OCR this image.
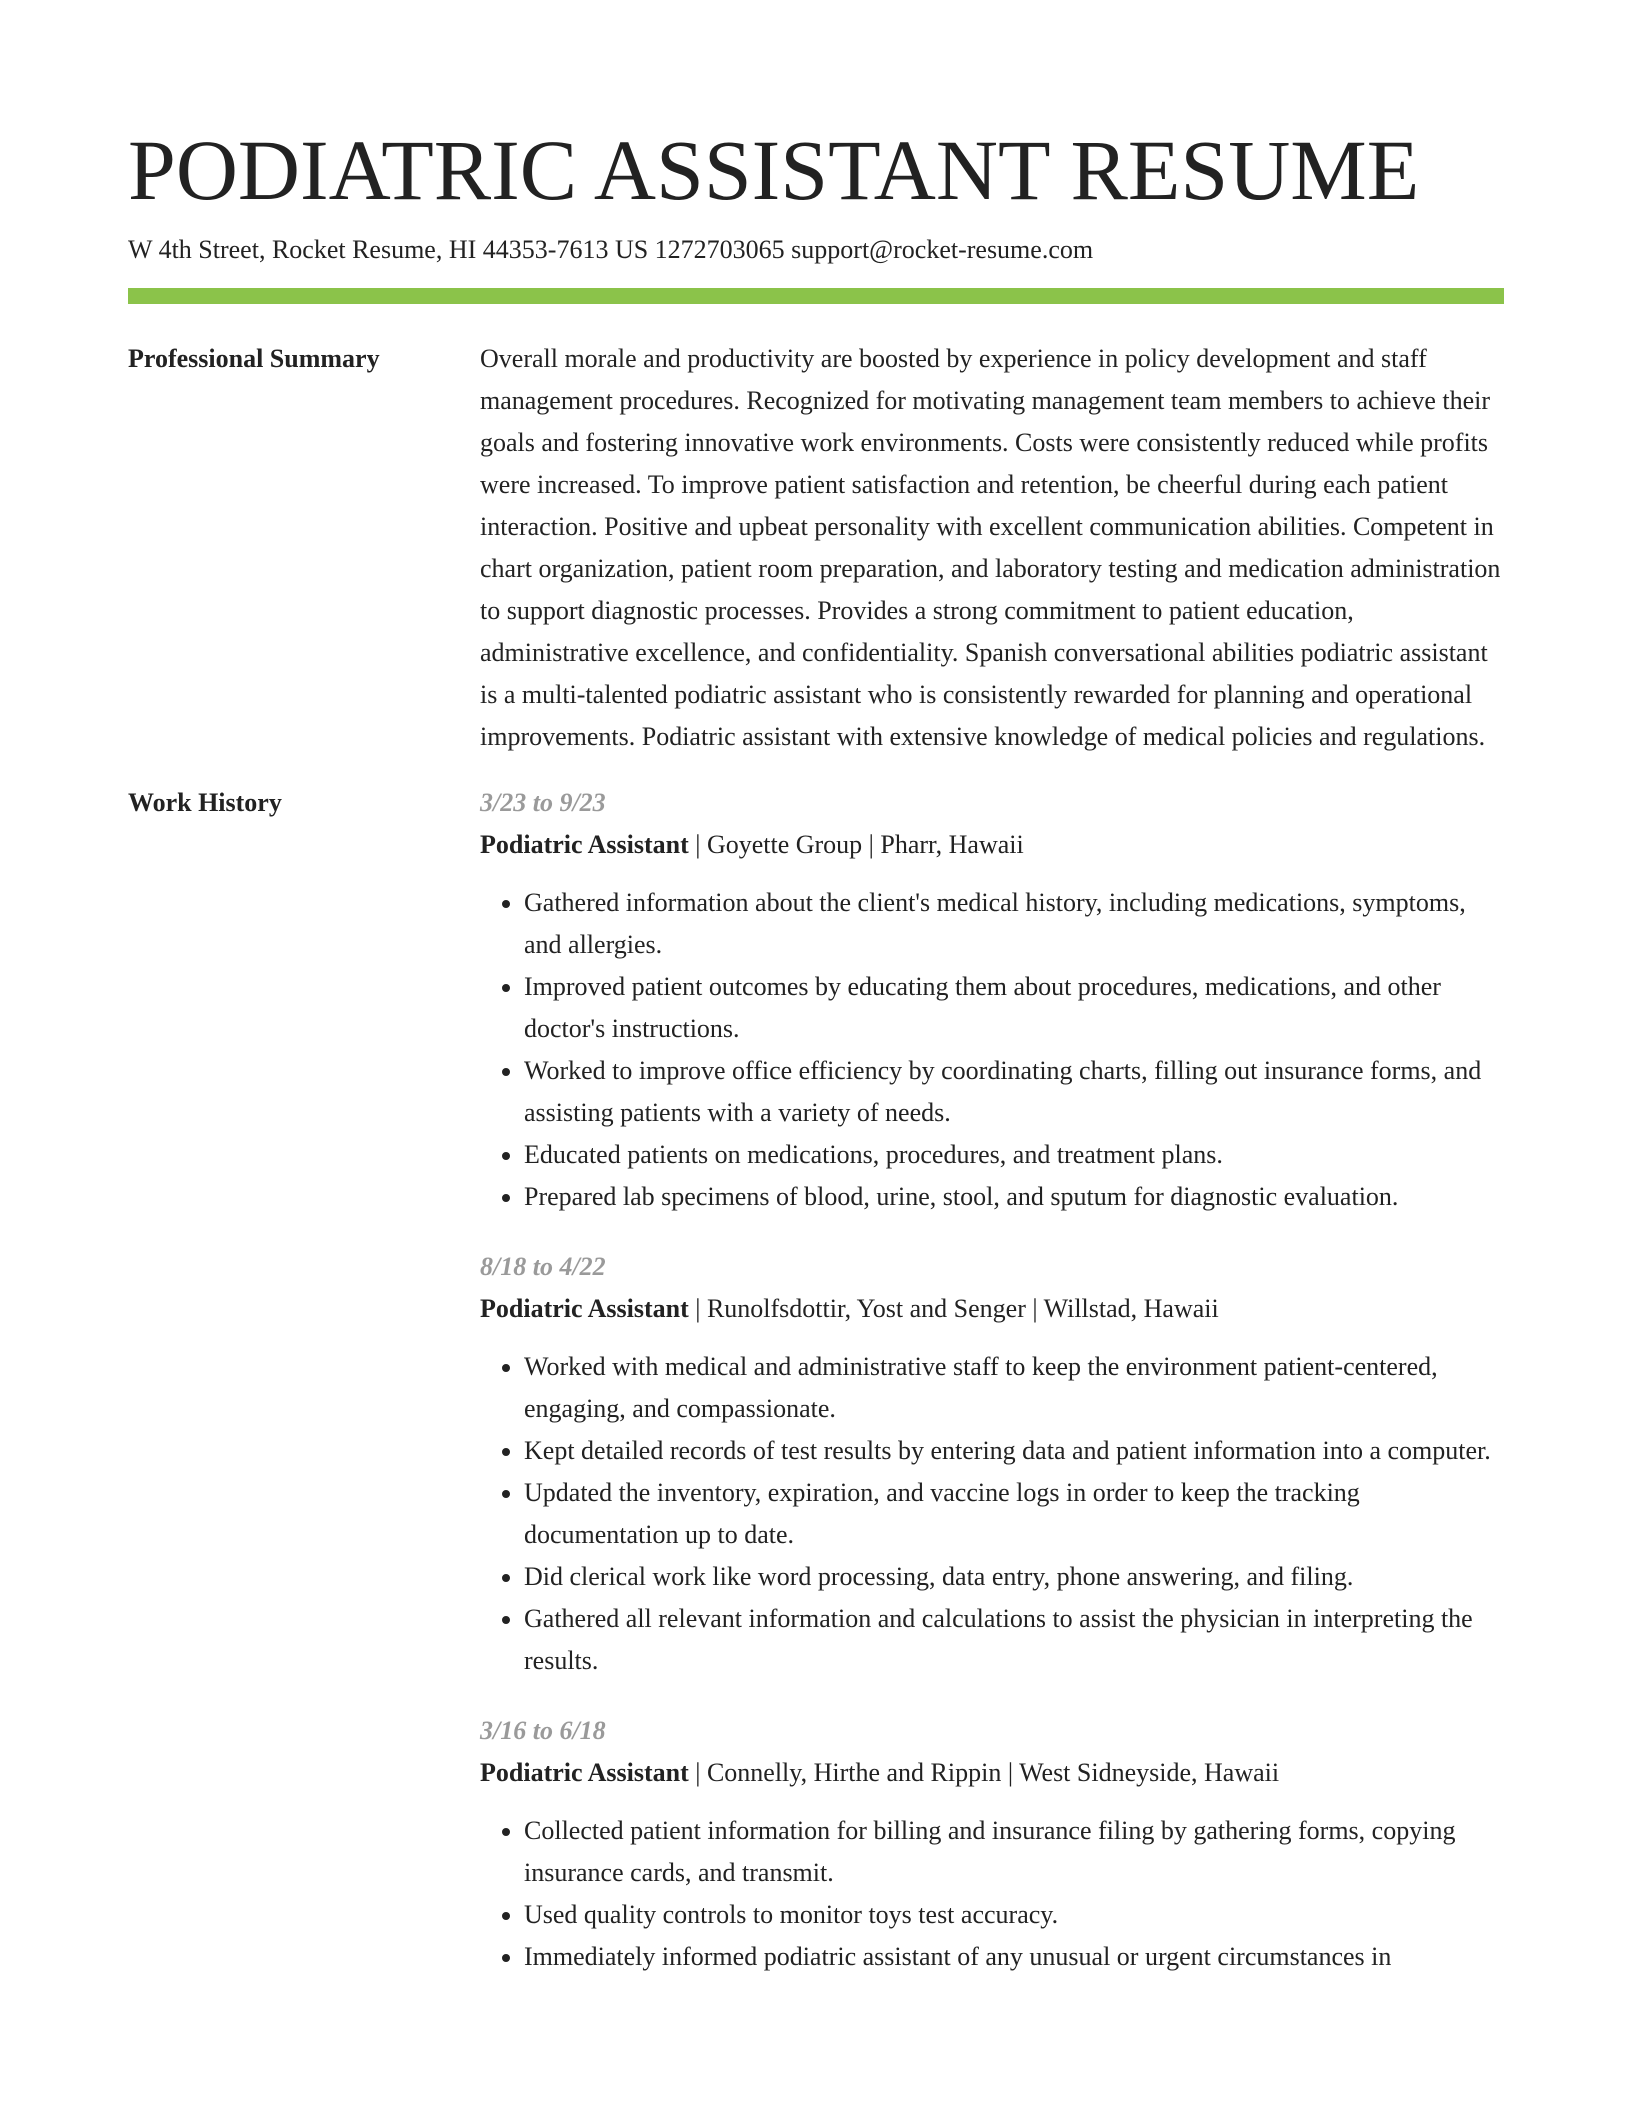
PODIATRIC ASSISTANT RESUME
W 4th Street, Rocket Resume, HI 44353-7613 US 1272703065 support@rocket-resume.com
Professional Summary	Overall morale and productivity are boosted by experience in policy development and staff management procedures. Recognized for motivating management team members to achieve their goals and fostering innovative work environments. Costs were consistently reduced while profits were increased. To improve patient satisfaction and retention, be cheerful during each patient interaction. Positive and upbeat personality with excellent communication abilities. Competent in chart organization, patient room preparation, and laboratory testing and medication administration to support diagnostic processes. Provides a strong commitment to patient education, administrative excellence, and confidentiality. Spanish conversational abilities podiatric assistant is a multi-talented podiatric assistant who is consistently rewarded for planning and operational improvements. Podiatric assistant with extensive knowledge of medical policies and regulations.
Work History	3/23 to 9/23
Podiatric Assistant | Goyette Group | Pharr, Hawaii
• Gathered information about the client's medical history, including medications, symptoms, and allergies.
• Improved patient outcomes by educating them about procedures, medications, and other doctor's instructions.
• Worked to improve office efficiency by coordinating charts, filling out insurance forms, and assisting patients with a variety of needs.
• Educated patients on medications, procedures, and treatment plans.
• Prepared lab specimens of blood, urine, stool, and sputum for diagnostic evaluation.
8/18 to 4/22
Podiatric Assistant | Runolfsdottir, Yost and Senger | Willstad, Hawaii
• Worked with medical and administrative staff to keep the environment patient-centered, engaging, and compassionate.
• Kept detailed records of test results by entering data and patient information into a computer.
• Updated the inventory, expiration, and vaccine logs in order to keep the tracking documentation up to date.
• Did clerical work like word processing, data entry, phone answering, and filing.
• Gathered all relevant information and calculations to assist the physician in interpreting the results.
3/16 to 6/18
Podiatric Assistant | Connelly, Hirthe and Rippin | West Sidneyside, Hawaii
• Collected patient information for billing and insurance filing by gathering forms, copying insurance cards, and transmit.
• Used quality controls to monitor toys test accuracy.
• Immediately informed podiatric assistant of any unusual or urgent circumstances in
